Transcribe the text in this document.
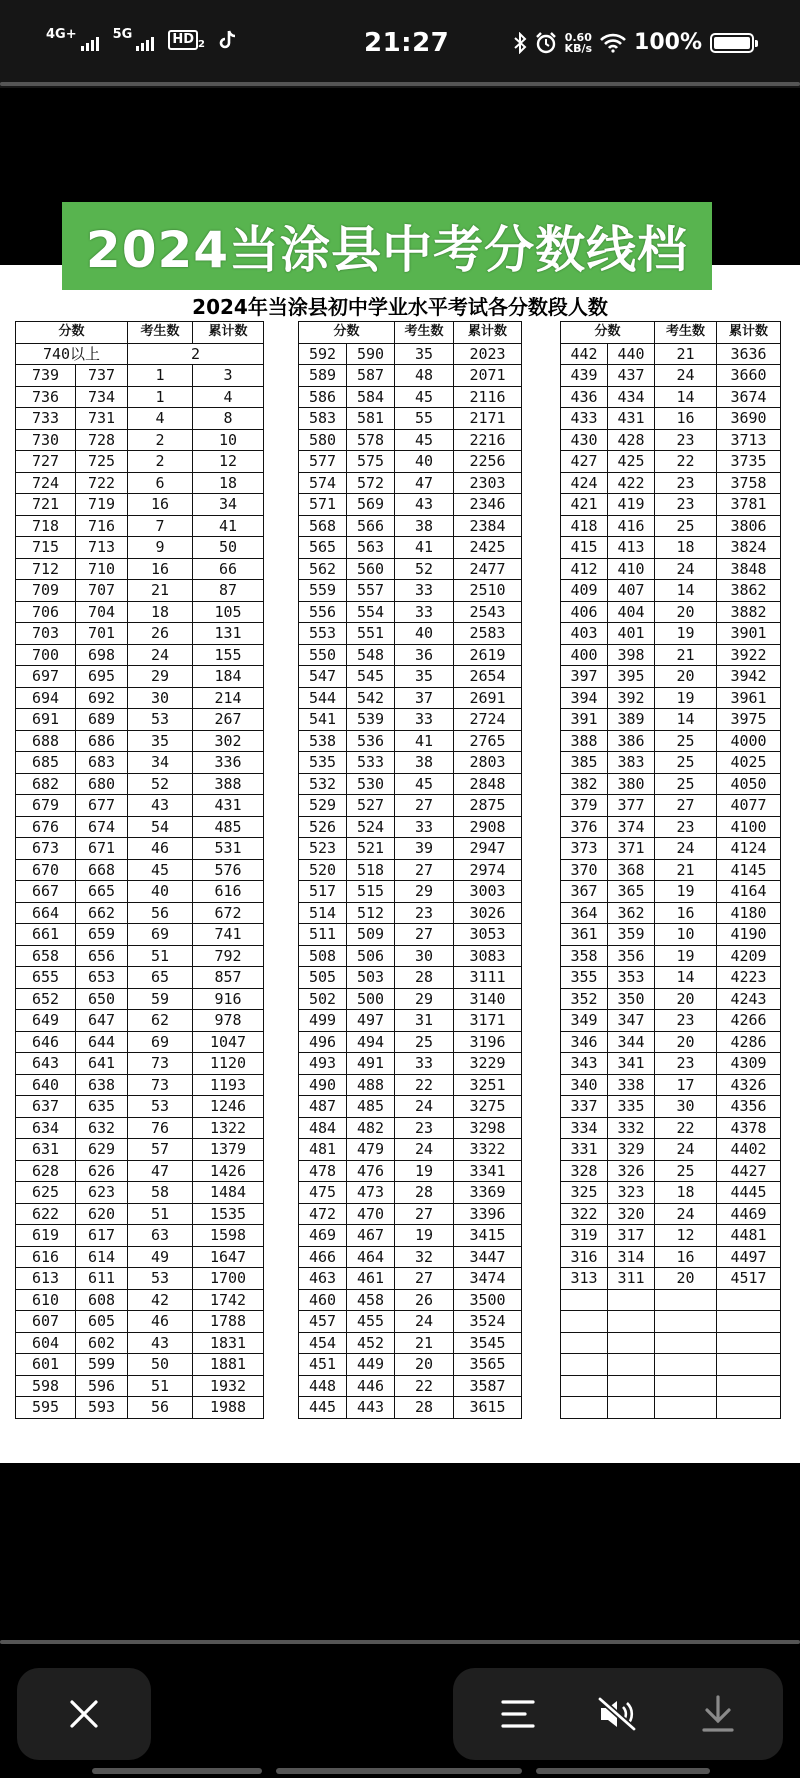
4G+	5G	HD 2	21:27	0.60
KB/s 100%
2024年当涂县初中学业水平考试各分数段人数
分数		考生数	累计数
740以上		2	
739	737	1	3
736	734	1	4
733	731	4	8
730	728	2	10
727	725	2	12
724	722	6	18
721	719	16	34
718	716	7	41
715	713	9	50
712	710	16	66
709	707	21	87
706	704	18	105
703	701	26	131
700	698	24	155
697	695	29	184
694	692	30	214
691	689	53	267
688	686	35	302
685	683	34	336
682	680	52	388
679	677	43	431
676	674	54	485
673	671	46	531
670	668	45	576
667	665	40	616
664	662	56	672
661	659	69	741
658	656	51	792
655	653	65	857
652	650	59	916
649	647	62	978
646	644	69	1047
643	641	73	1120
640	638	73	1193
637	635	53	1246
634	632	76	1322
631	629	57	1379
628	626	47	1426
625	623	58	1484
622	620	51	1535
619	617	63	1598
616	614	49	1647
613	611	53	1700
610	608	42	1742
607	605	46	1788
604	602	43	1831
601	599	50	1881
598	596	51	1932
595	593	56	1988
分数		考生数	累计数
592	590	35	2023
589	587	48	2071
586	584	45	2116
583	581	55	2171
580	578	45	2216
577	575	40	2256
574	572	47	2303
571	569	43	2346
568	566	38	2384
565	563	41	2425
562	560	52	2477
559	557	33	2510
556	554	33	2543
553	551	40	2583
550	548	36	2619
547	545	35	2654
544	542	37	2691
541	539	33	2724
538	536	41	2765
535	533	38	2803
532	530	45	2848
529	527	27	2875
526	524	33	2908
523	521	39	2947
520	518	27	2974
517	515	29	3003
514	512	23	3026
511	509	27	3053
508	506	30	3083
505	503	28	3111
502	500	29	3140
499	497	31	3171
496	494	25	3196
493	491	33	3229
490	488	22	3251
487	485	24	3275
484	482	23	3298
481	479	24	3322
478	476	19	3341
475	473	28	3369
472	470	27	3396
469	467	19	3415
466	464	32	3447
463	461	27	3474
460	458	26	3500
457	455	24	3524
454	452	21	3545
451	449	20	3565
448	446	22	3587
445	443	28	3615
分数		考生数	累计数
442	440	21	3636
439	437	24	3660
436	434	14	3674
433	431	16	3690
430	428	23	3713
427	425	22	3735
424	422	23	3758
421	419	23	3781
418	416	25	3806
415	413	18	3824
412	410	24	3848
409	407	14	3862
406	404	20	3882
403	401	19	3901
400	398	21	3922
397	395	20	3942
394	392	19	3961
391	389	14	3975
388	386	25	4000
385	383	25	4025
382	380	25	4050
379	377	27	4077
376	374	23	4100
373	371	24	4124
370	368	21	4145
367	365	19	4164
364	362	16	4180
361	359	10	4190
358	356	19	4209
355	353	14	4223
352	350	20	4243
349	347	23	4266
346	344	20	4286
343	341	23	4309
340	338	17	4326
337	335	30	4356
334	332	22	4378
331	329	24	4402
328	326	25	4427
325	323	18	4445
322	320	24	4469
319	317	12	4481
316	314	16	4497
313	311	20	4517

2024当涂县中考分数线档
